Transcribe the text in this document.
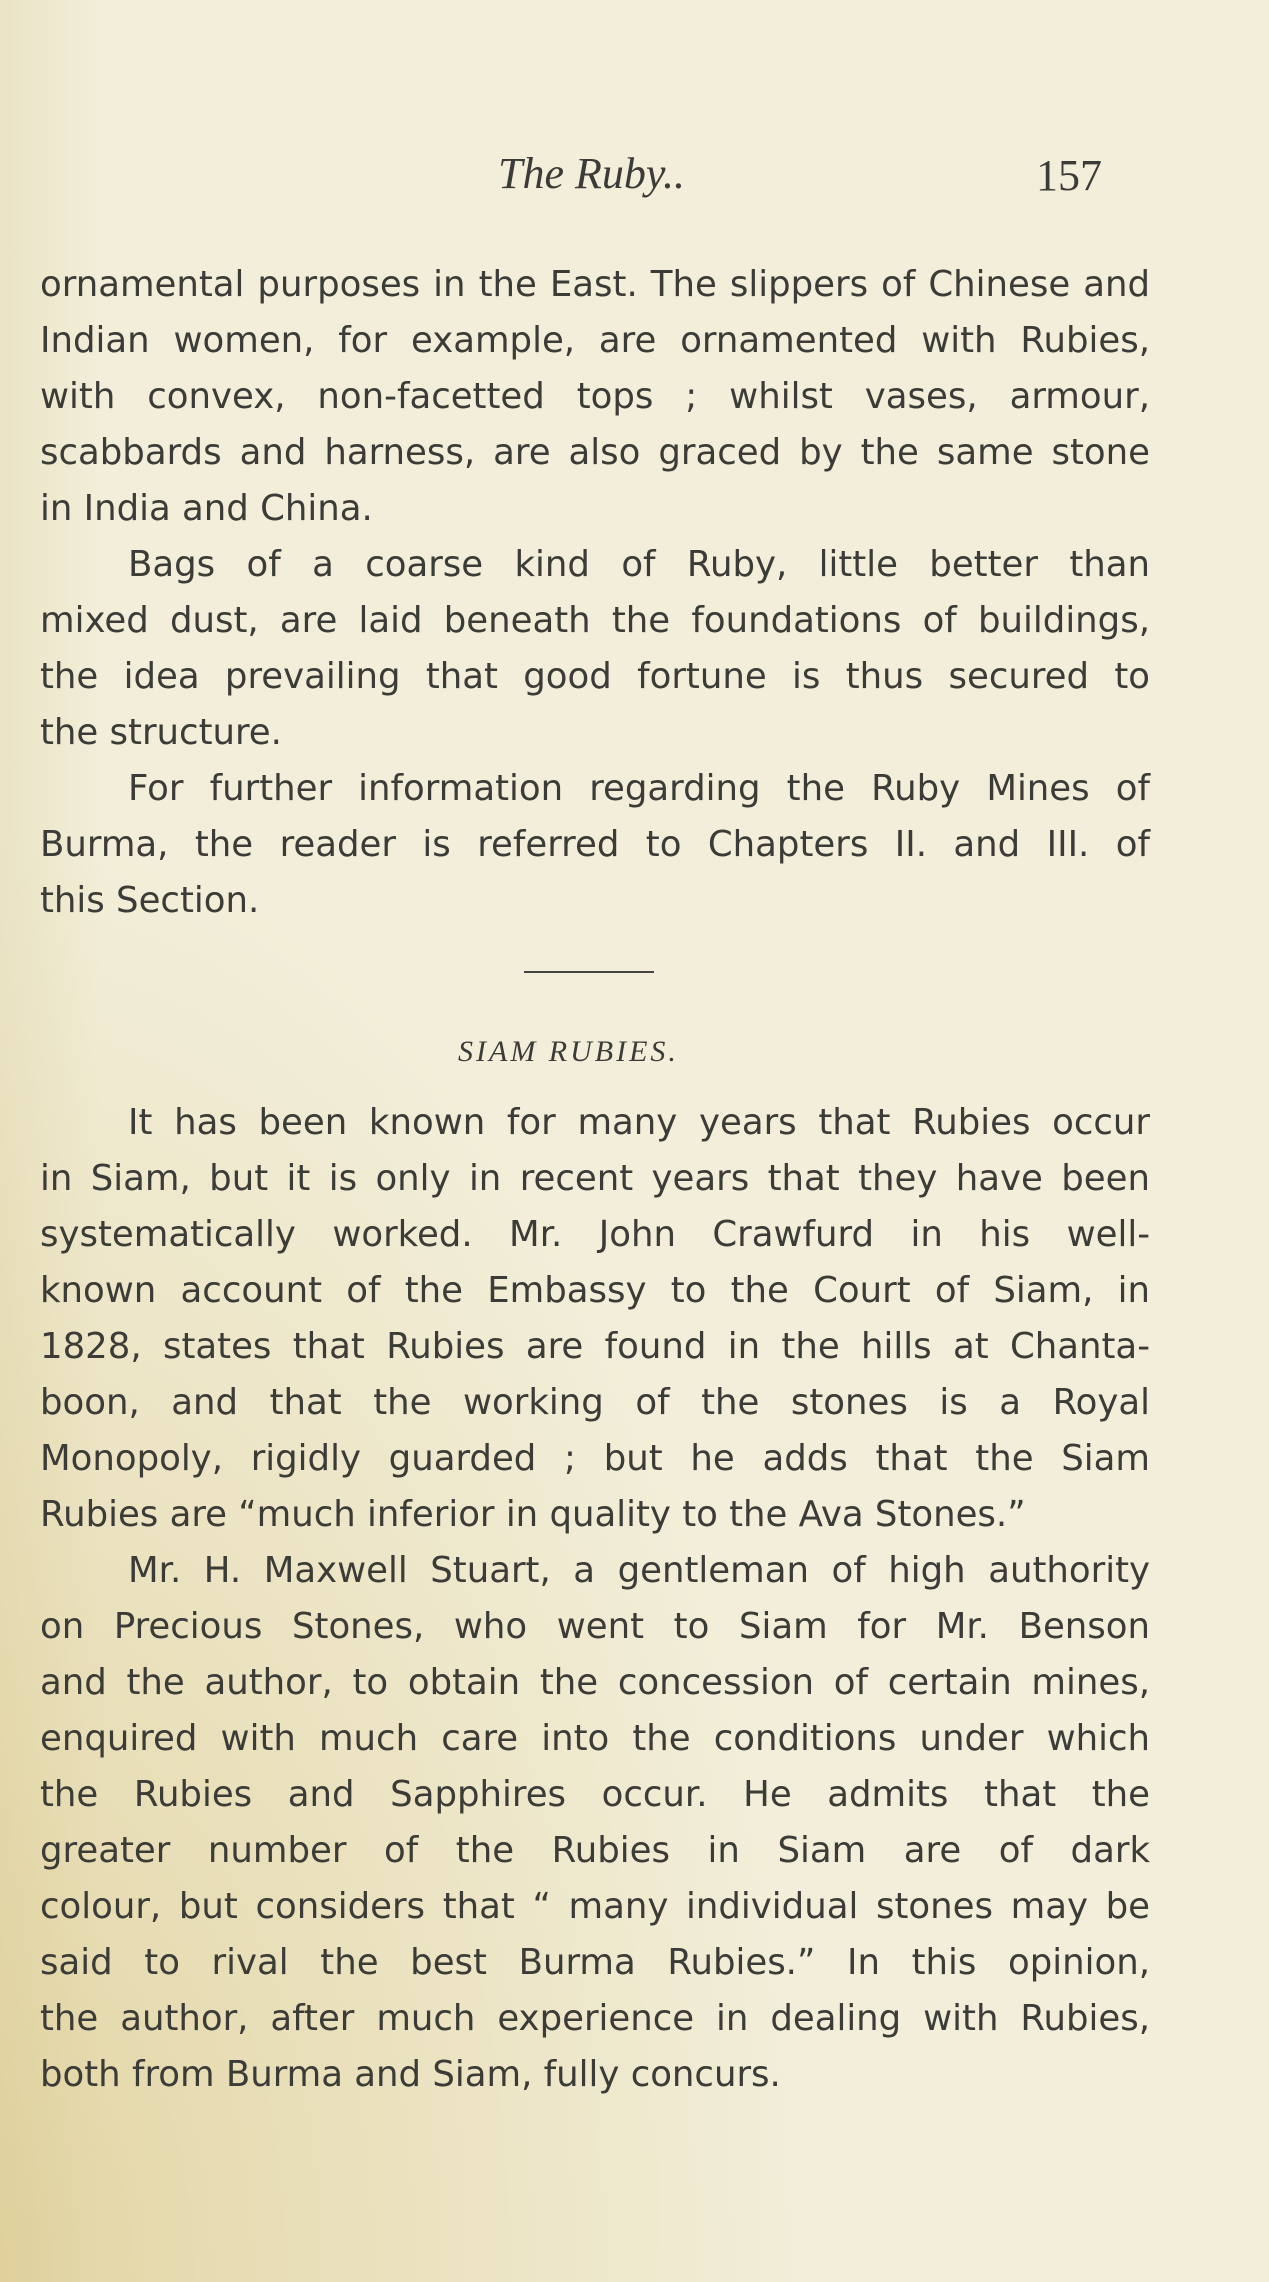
The Ruby..	157
ornamental purposes in the East. The slippers of Chinese and
Indian women, for example, are ornamented with Rubies,
with convex, non-facetted tops ; whilst vases, armour,
scabbards and harness, are also graced by the same stone
in India and China.
Bags of a coarse kind of Ruby, little better than
mixed dust, are laid beneath the foundations of buildings,
the idea prevailing that good fortune is thus secured to
the structure.
For further information regarding the Ruby Mines of
Burma, the reader is referred to Chapters II. and III. of
this Section.
SIAM RUBIES.
It has been known for many years that Rubies occur
in Siam, but it is only in recent years that they have been
systematically worked. Mr. John Crawfurd in his well-
known account of the Embassy to the Court of Siam, in
1828, states that Rubies are found in the hills at Chanta-
boon, and that the working of the stones is a Royal
Monopoly, rigidly guarded ; but he adds that the Siam
Rubies are “much inferior in quality to the Ava Stones.”
Mr. H. Maxwell Stuart, a gentleman of high authority
on Precious Stones, who went to Siam for Mr. Benson
and the author, to obtain the concession of certain mines,
enquired with much care into the conditions under which
the Rubies and Sapphires occur. He admits that the
greater number of the Rubies in Siam are of dark
colour, but considers that “ many individual stones may be
said to rival the best Burma Rubies.” In this opinion,
the author, after much experience in dealing with Rubies,
both from Burma and Siam, fully concurs.
